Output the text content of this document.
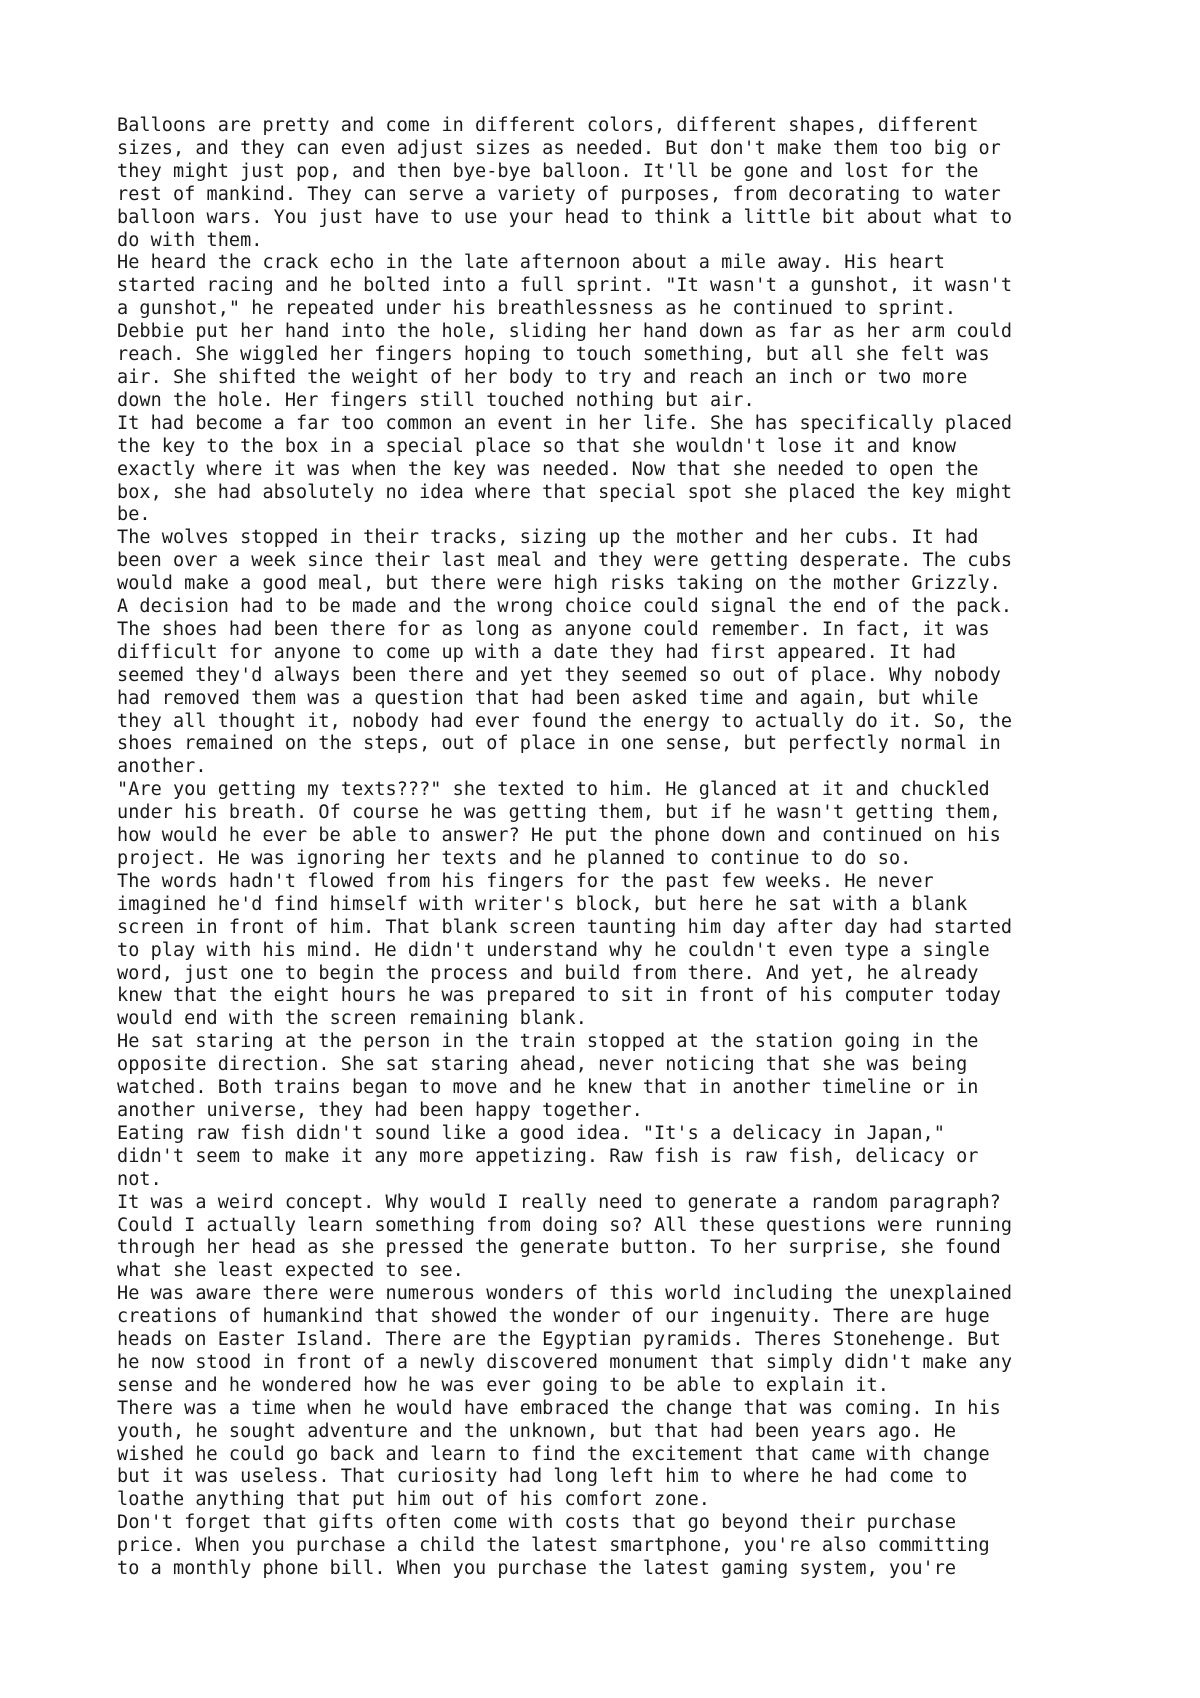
Balloons are pretty and come in different colors, different shapes, different
sizes, and they can even adjust sizes as needed. But don't make them too big or
they might just pop, and then bye-bye balloon. It'll be gone and lost for the
rest of mankind. They can serve a variety of purposes, from decorating to water
balloon wars. You just have to use your head to think a little bit about what to
do with them.

He heard the crack echo in the late afternoon about a mile away. His heart
started racing and he bolted into a full sprint. "It wasn't a gunshot, it wasn't
a gunshot," he repeated under his breathlessness as he continued to sprint.

Debbie put her hand into the hole, sliding her hand down as far as her arm could
reach. She wiggled her fingers hoping to touch something, but all she felt was
air. She shifted the weight of her body to try and reach an inch or two more
down the hole. Her fingers still touched nothing but air.

It had become a far too common an event in her life. She has specifically placed
the key to the box in a special place so that she wouldn't lose it and know
exactly where it was when the key was needed. Now that she needed to open the
box, she had absolutely no idea where that special spot she placed the key might
be.

The wolves stopped in their tracks, sizing up the mother and her cubs. It had
been over a week since their last meal and they were getting desperate. The cubs
would make a good meal, but there were high risks taking on the mother Grizzly.
A decision had to be made and the wrong choice could signal the end of the pack.

The shoes had been there for as long as anyone could remember. In fact, it was
difficult for anyone to come up with a date they had first appeared. It had
seemed they'd always been there and yet they seemed so out of place. Why nobody
had removed them was a question that had been asked time and again, but while
they all thought it, nobody had ever found the energy to actually do it. So, the
shoes remained on the steps, out of place in one sense, but perfectly normal in
another.

"Are you getting my texts???" she texted to him. He glanced at it and chuckled
under his breath. Of course he was getting them, but if he wasn't getting them,
how would he ever be able to answer? He put the phone down and continued on his
project. He was ignoring her texts and he planned to continue to do so.

The words hadn't flowed from his fingers for the past few weeks. He never
imagined he'd find himself with writer's block, but here he sat with a blank
screen in front of him. That blank screen taunting him day after day had started
to play with his mind. He didn't understand why he couldn't even type a single
word, just one to begin the process and build from there. And yet, he already
knew that the eight hours he was prepared to sit in front of his computer today
would end with the screen remaining blank.

He sat staring at the person in the train stopped at the station going in the
opposite direction. She sat staring ahead, never noticing that she was being
watched. Both trains began to move and he knew that in another timeline or in
another universe, they had been happy together.

Eating raw fish didn't sound like a good idea. "It's a delicacy in Japan,"
didn't seem to make it any more appetizing. Raw fish is raw fish, delicacy or
not.

It was a weird concept. Why would I really need to generate a random paragraph?
Could I actually learn something from doing so? All these questions were running
through her head as she pressed the generate button. To her surprise, she found
what she least expected to see.

He was aware there were numerous wonders of this world including the unexplained
creations of humankind that showed the wonder of our ingenuity. There are huge
heads on Easter Island. There are the Egyptian pyramids. Theres Stonehenge. But
he now stood in front of a newly discovered monument that simply didn't make any
sense and he wondered how he was ever going to be able to explain it.

There was a time when he would have embraced the change that was coming. In his
youth, he sought adventure and the unknown, but that had been years ago. He
wished he could go back and learn to find the excitement that came with change
but it was useless. That curiosity had long left him to where he had come to
loathe anything that put him out of his comfort zone.

Don't forget that gifts often come with costs that go beyond their purchase
price. When you purchase a child the latest smartphone, you're also committing
to a monthly phone bill. When you purchase the latest gaming system, you're
